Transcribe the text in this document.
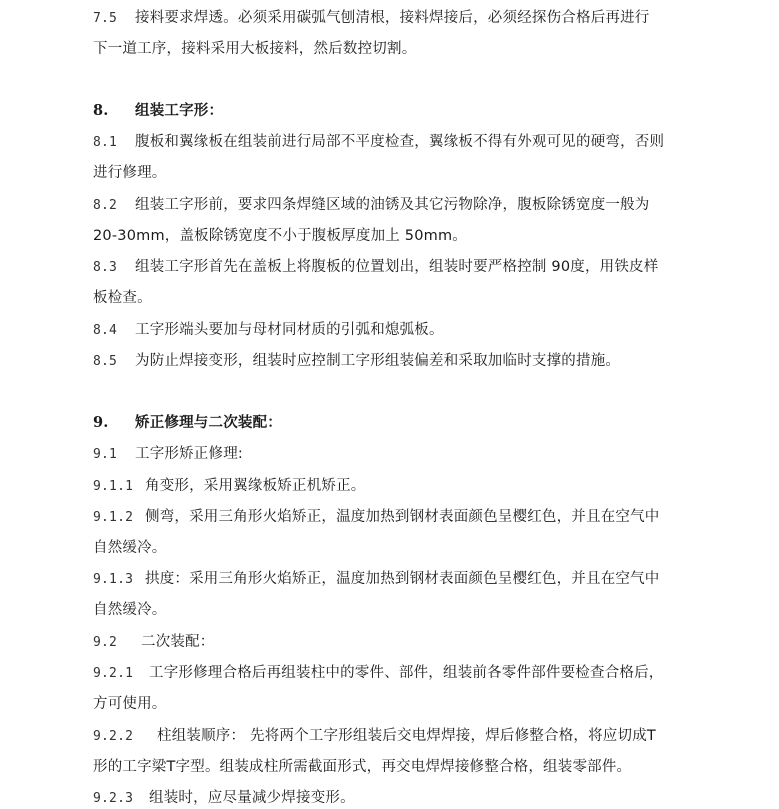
7.5 接料要求焊透。必须采用碳弧气刨清根，接料焊接后，必须经探伤合格后再进行
下一道工序，接料采用大板接料，然后数控切割。
8. 组装工字形：
8.1 腹板和翼缘板在组装前进行局部不平度检查，翼缘板不得有外观可见的硬弯，否则
进行修理。
8.2 组装工字形前，要求四条焊缝区域的油锈及其它污物除净，腹板除锈宽度一般为
20-30mm，盖板除锈宽度不小于腹板厚度加上 50mm。
8.3 组装工字形首先在盖板上将腹板的位置划出，组装时要严格控制 90度，用铁皮样
板检查。
8.4 工字形端头要加与母材同材质的引弧和熄弧板。
8.5 为防止焊接变形，组装时应控制工字形组装偏差和采取加临时支撑的措施。
9. 矫正修理与二次装配：
9.1 工字形矫正修理:
9.1.1 角变形，采用翼缘板矫正机矫正。
9.1.2 侧弯，采用三角形火焰矫正，温度加热到钢材表面颜色呈樱红色，并且在空气中
自然缓冷。
9.1.3 拱度：采用三角形火焰矫正，温度加热到钢材表面颜色呈樱红色，并且在空气中
自然缓冷。
9.2 二次装配：
9.2.1 工字形修理合格后再组装柱中的零件、部件，组装前各零件部件要检查合格后，
方可使用。
9.2.2 柱组装顺序： 先将两个工字形组装后交电焊焊接，焊后修整合格，将应切成T
形的工字梁T字型。组装成柱所需截面形式，再交电焊焊接修整合格，组装零部件。
9.2.3 组装时，应尽量减少焊接变形。
